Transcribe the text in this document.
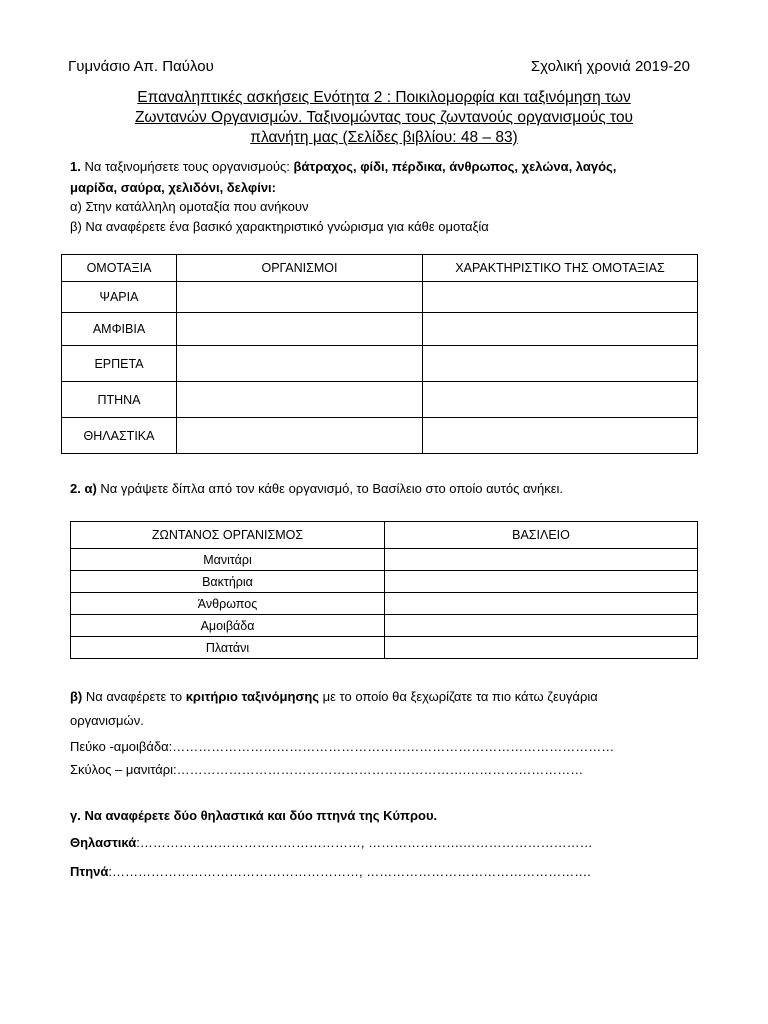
Γυμνάσιο Απ. Παύλου	Σχολική χρονιά 2019-20
Επαναληπτικές ασκήσεις Ενότητα 2 : Ποικιλομορφία και ταξινόμηση των
Ζωντανών Οργανισμών. Ταξινομώντας τους ζωντανούς οργανισμούς του
πλανήτη μας (Σελίδες βιβλίου: 48 – 83)
1. Να ταξινομήσετε τους οργανισμούς: βάτραχος, φίδι, πέρδικα, άνθρωπος, χελώνα, λαγός,
μαρίδα, σαύρα, χελιδόνι, δελφίνι:
α) Στην κατάλληλη ομοταξία που ανήκουν
β) Να αναφέρετε ένα βασικό χαρακτηριστικό γνώρισμα για κάθε ομοταξία
ΟΜΟΤΑΞΙΑ	ΟΡΓΑΝΙΣΜΟΙ	ΧΑΡΑΚΤΗΡΙΣΤΙΚΟ ΤΗΣ ΟΜΟΤΑΞΙΑΣ
ΨΑΡΙΑ		
ΑΜΦΙΒΙΑ		
ΕΡΠΕΤΑ		
ΠΤΗΝΑ		
ΘΗΛΑΣΤΙΚΑ		
2. α) Να γράψετε δίπλα από τον κάθε οργανισμό, το Βασίλειο στο οποίο αυτός ανήκει.
ΖΩΝΤΑΝΟΣ ΟΡΓΑΝΙΣΜΟΣ	ΒΑΣΙΛΕΙΟ
Μανιτάρι	
Βακτήρια	
Άνθρωπος	
Αμοιβάδα	
Πλατάνι	
β) Να αναφέρετε το κριτήριο ταξινόμησης με το οποίο θα ξεχωρίζατε τα πιο κάτω ζευγάρια
οργανισμών.
Πεύκο -αμοιβάδα:…………………………………………………………………………………………
Σκύλος – μανιτάρι:………………………………………………………….………………………
γ. Να αναφέρετε δύο θηλαστικά και δύο πτηνά της Κύπρου.
Θηλαστικά:……………………………………………, ………………….…………………………
Πτηνά:…………………………………………………, …………………………………………….
